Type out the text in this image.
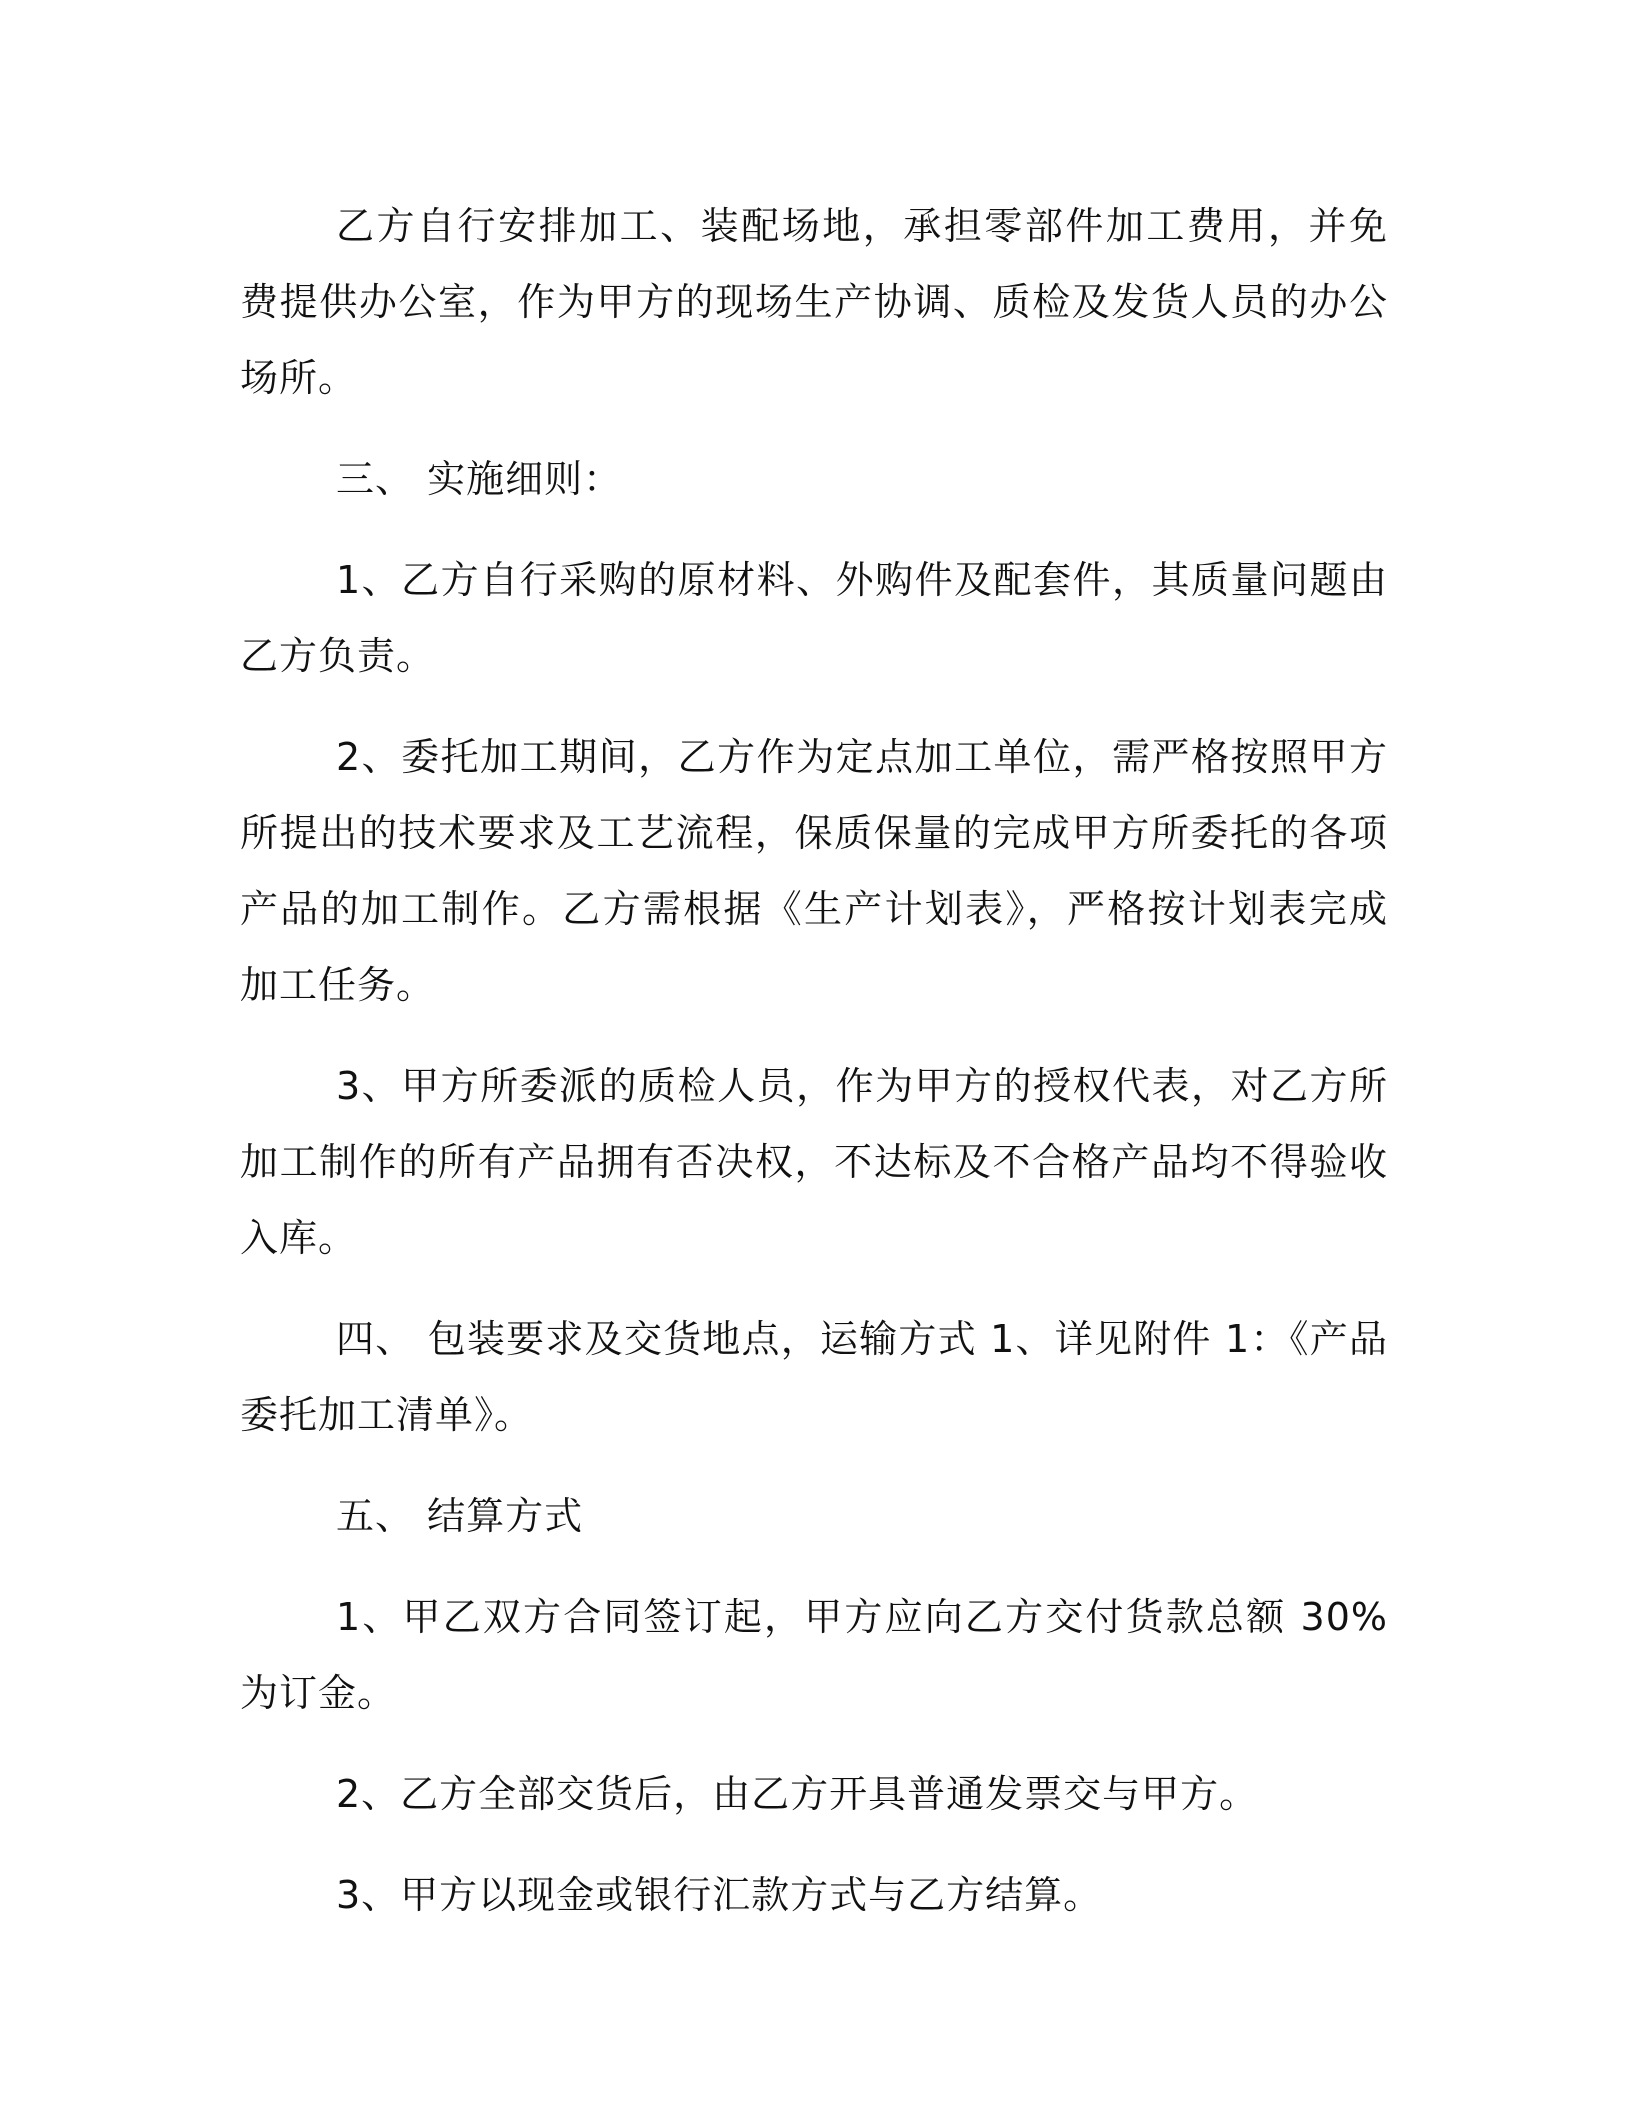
乙方自行安排加工、装配场地，承担零部件加工费用，并免费提供办公室，作为甲方的现场生产协调、质检及发货人员的办公场所。

三、 实施细则：

1、乙方自行采购的原材料、外购件及配套件，其质量问题由乙方负责。

2、委托加工期间，乙方作为定点加工单位，需严格按照甲方所提出的技术要求及工艺流程，保质保量的完成甲方所委托的各项产品的加工制作。乙方需根据《生产计划表》，严格按计划表完成加工任务。

3、甲方所委派的质检人员，作为甲方的授权代表，对乙方所加工制作的所有产品拥有否决权，不达标及不合格产品均不得验收入库。

四、 包装要求及交货地点，运输方式 1、详见附件 1：《产品委托加工清单》。

五、 结算方式

1、甲乙双方合同签订起，甲方应向乙方交付货款总额 30%为订金。

2、乙方全部交货后，由乙方开具普通发票交与甲方。

3、甲方以现金或银行汇款方式与乙方结算。
